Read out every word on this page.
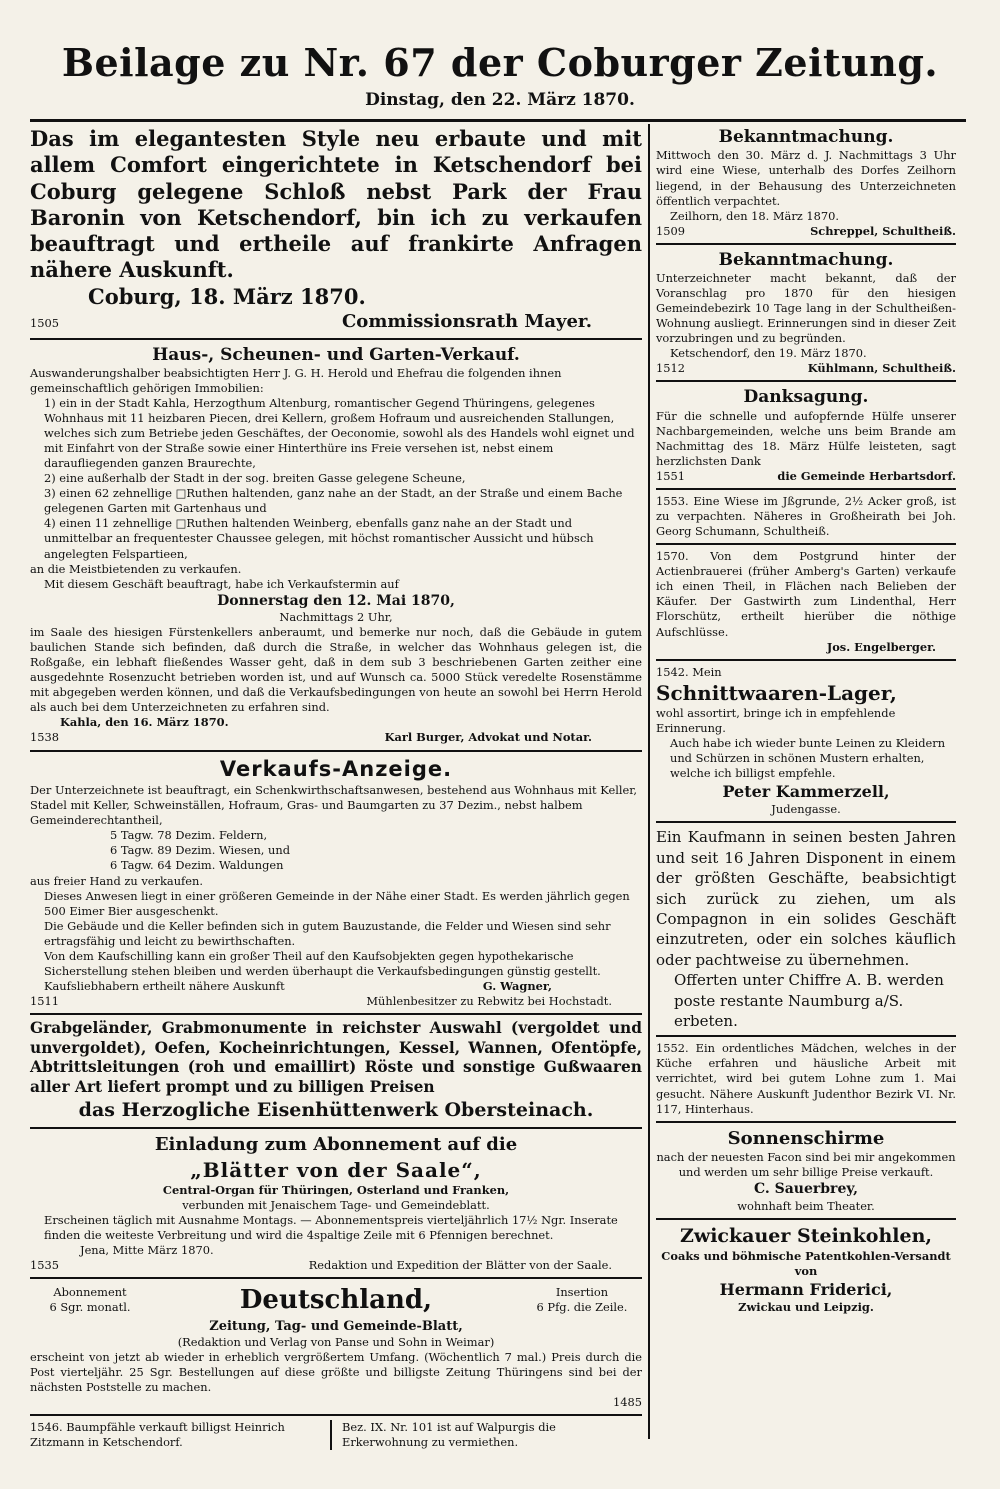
Beilage zu Nr. 67 der Coburger Zeitung.
Dinstag, den 22. März 1870.

Das im elegantesten Style neu erbaute und mit allem Comfort eingerichtete in Ketschendorf bei Coburg gelegene Schloß nebst Park der Frau Baronin von Ketschendorf, bin ich zu verkaufen beauftragt und ertheile auf frankirte Anfragen nähere Auskunft.

Coburg, 18. März 1870.

1505	Commissionsrath Mayer.

Haus-, Scheunen- und Garten-Verkauf.

Auswanderungshalber beabsichtigten Herr J. G. H. Herold und Ehefrau die folgenden ihnen gemeinschaftlich gehörigen Immobilien:

1) ein in der Stadt Kahla, Herzogthum Altenburg, romantischer Gegend Thüringens, gelegenes Wohnhaus mit 11 heizbaren Piecen, drei Kellern, großem Hofraum und ausreichenden Stallungen, welches sich zum Betriebe jeden Geschäftes, der Oeconomie, sowohl als des Handels wohl eignet und mit Einfahrt von der Straße sowie einer Hinterthüre ins Freie versehen ist, nebst einem daraufliegenden ganzen Braurechte,

2) eine außerhalb der Stadt in der sog. breiten Gasse gelegene Scheune,

3) einen 62 zehnellige □Ruthen haltenden, ganz nahe an der Stadt, an der Straße und einem Bache gelegenen Garten mit Gartenhaus und

4) einen 11 zehnellige □Ruthen haltenden Weinberg, ebenfalls ganz nahe an der Stadt und unmittelbar an frequentester Chaussee gelegen, mit höchst romantischer Aussicht und hübsch angelegten Felspartieen,

an die Meistbietenden zu verkaufen.

Mit diesem Geschäft beauftragt, habe ich Verkaufstermin auf

Donnerstag den 12. Mai 1870,

Nachmittags 2 Uhr,

im Saale des hiesigen Fürstenkellers anberaumt, und bemerke nur noch, daß die Gebäude in gutem baulichen Stande sich befinden, daß durch die Straße, in welcher das Wohnhaus gelegen ist, die Roßgaße, ein lebhaft fließendes Wasser geht, daß in dem sub 3 beschriebenen Garten zeither eine ausgedehnte Rosenzucht betrieben worden ist, und auf Wunsch ca. 5000 Stück veredelte Rosenstämme mit abgegeben werden können, und daß die Verkaufsbedingungen von heute an sowohl bei Herrn Herold als auch bei dem Unterzeichneten zu erfahren sind.

Kahla, den 16. März 1870.

1538	Karl Burger, Advokat und Notar.

Verkaufs-Anzeige.

Der Unterzeichnete ist beauftragt, ein Schenkwirthschaftsanwesen, bestehend aus Wohnhaus mit Keller, Stadel mit Keller, Schweinställen, Hofraum, Gras- und Baumgarten zu 37 Dezim., nebst halbem Gemeinderechtantheil,

5 Tagw. 78 Dezim. Feldern,

6 Tagw. 89 Dezim. Wiesen, und

6 Tagw. 64 Dezim. Waldungen

aus freier Hand zu verkaufen.

Dieses Anwesen liegt in einer größeren Gemeinde in der Nähe einer Stadt. Es werden jährlich gegen 500 Eimer Bier ausgeschenkt.

Die Gebäude und die Keller befinden sich in gutem Bauzustande, die Felder und Wiesen sind sehr ertragsfähig und leicht zu bewirthschaften.

Von dem Kaufschilling kann ein großer Theil auf den Kaufsobjekten gegen hypothekarische Sicherstellung stehen bleiben und werden überhaupt die Verkaufsbedingungen günstig gestellt.

Kaufsliebhabern ertheilt nähere Auskunft	G. Wagner,
1511	Mühlenbesitzer zu Rebwitz bei Hochstadt.

Grabgeländer, Grabmonumente in reichster Auswahl (vergoldet und unvergoldet), Oefen, Kocheinrichtungen, Kessel, Wannen, Ofentöpfe, Abtrittsleitungen (roh und emaillirt) Röste und sonstige Gußwaaren aller Art liefert prompt und zu billigen Preisen

das Herzogliche Eisenhüttenwerk Obersteinach.

Einladung zum Abonnement auf die

„Blätter von der Saale“,

Central-Organ für Thüringen, Osterland und Franken,

verbunden mit Jenaischem Tage- und Gemeindeblatt.

Erscheinen täglich mit Ausnahme Montags. — Abonnementspreis vierteljährlich 17½ Ngr. Inserate finden die weiteste Verbreitung und wird die 4spaltige Zeile mit 6 Pfennigen berechnet.

Jena, Mitte März 1870.

1535	Redaktion und Expedition der Blätter von der Saale.

Abonnement

6 Sgr. monatl.	Deutschland,	Insertion

6 Pfg. die Zeile.

Zeitung, Tag- und Gemeinde-Blatt,

(Redaktion und Verlag von Panse und Sohn in Weimar)

erscheint von jetzt ab wieder in erheblich vergrößertem Umfang. (Wöchentlich 7 mal.) Preis durch die Post vierteljähr. 25 Sgr. Bestellungen auf diese größte und billigste Zeitung Thüringens sind bei der nächsten Poststelle zu machen.

1485

1546. Baumpfähle verkauft billigst Heinrich Zitzmann in Ketschendorf.

Bez. IX. Nr. 101 ist auf Walpurgis die Erkerwohnung zu vermiethen.

Bekanntmachung.

Mittwoch den 30. März d. J. Nachmittags 3 Uhr wird eine Wiese, unterhalb des Dorfes Zeilhorn liegend, in der Behausung des Unterzeichneten öffentlich verpachtet.

Zeilhorn, den 18. März 1870.

1509	Schreppel, Schultheiß.

Bekanntmachung.

Unterzeichneter macht bekannt, daß der Voranschlag pro 1870 für den hiesigen Gemeindebezirk 10 Tage lang in der Schultheißen-Wohnung ausliegt. Erinnerungen sind in dieser Zeit vorzubringen und zu begründen.

Ketschendorf, den 19. März 1870.

1512	Kühlmann, Schultheiß.

Danksagung.

Für die schnelle und aufopfernde Hülfe unserer Nachbargemeinden, welche uns beim Brande am Nachmittag des 18. März Hülfe leisteten, sagt herzlichsten Dank

1551	die Gemeinde Herbartsdorf.

1553. Eine Wiese im Jßgrunde, 2½ Acker groß, ist zu verpachten. Näheres in Großheirath bei Joh. Georg Schumann, Schultheiß.

1570. Von dem Postgrund hinter der Actienbrauerei (früher Amberg's Garten) verkaufe ich einen Theil, in Flächen nach Belieben der Käufer. Der Gastwirth zum Lindenthal, Herr Florschütz, ertheilt hierüber die nöthige Aufschlüsse.

Jos. Engelberger.

1542. Mein

Schnittwaaren-Lager,

wohl assortirt, bringe ich in empfehlende Erinnerung.

Auch habe ich wieder bunte Leinen zu Kleidern und Schürzen in schönen Mustern erhalten, welche ich billigst empfehle.

Peter Kammerzell,

Judengasse.

Ein Kaufmann in seinen besten Jahren und seit 16 Jahren Disponent in einem der größten Geschäfte, beabsichtigt sich zurück zu ziehen, um als Compagnon in ein solides Geschäft einzutreten, oder ein solches käuflich oder pachtweise zu übernehmen.

Offerten unter Chiffre A. B. werden poste restante Naumburg a/S. erbeten.

1552. Ein ordentliches Mädchen, welches in der Küche erfahren und häusliche Arbeit mit verrichtet, wird bei gutem Lohne zum 1. Mai gesucht. Nähere Auskunft Judenthor Bezirk VI. Nr. 117, Hinterhaus.

Sonnenschirme

nach der neuesten Facon sind bei mir angekommen und werden um sehr billige Preise verkauft.

C. Sauerbrey,

wohnhaft beim Theater.

Zwickauer Steinkohlen,

Coaks und böhmische Patentkohlen-Versandt von

Hermann Friderici,

Zwickau und Leipzig.
